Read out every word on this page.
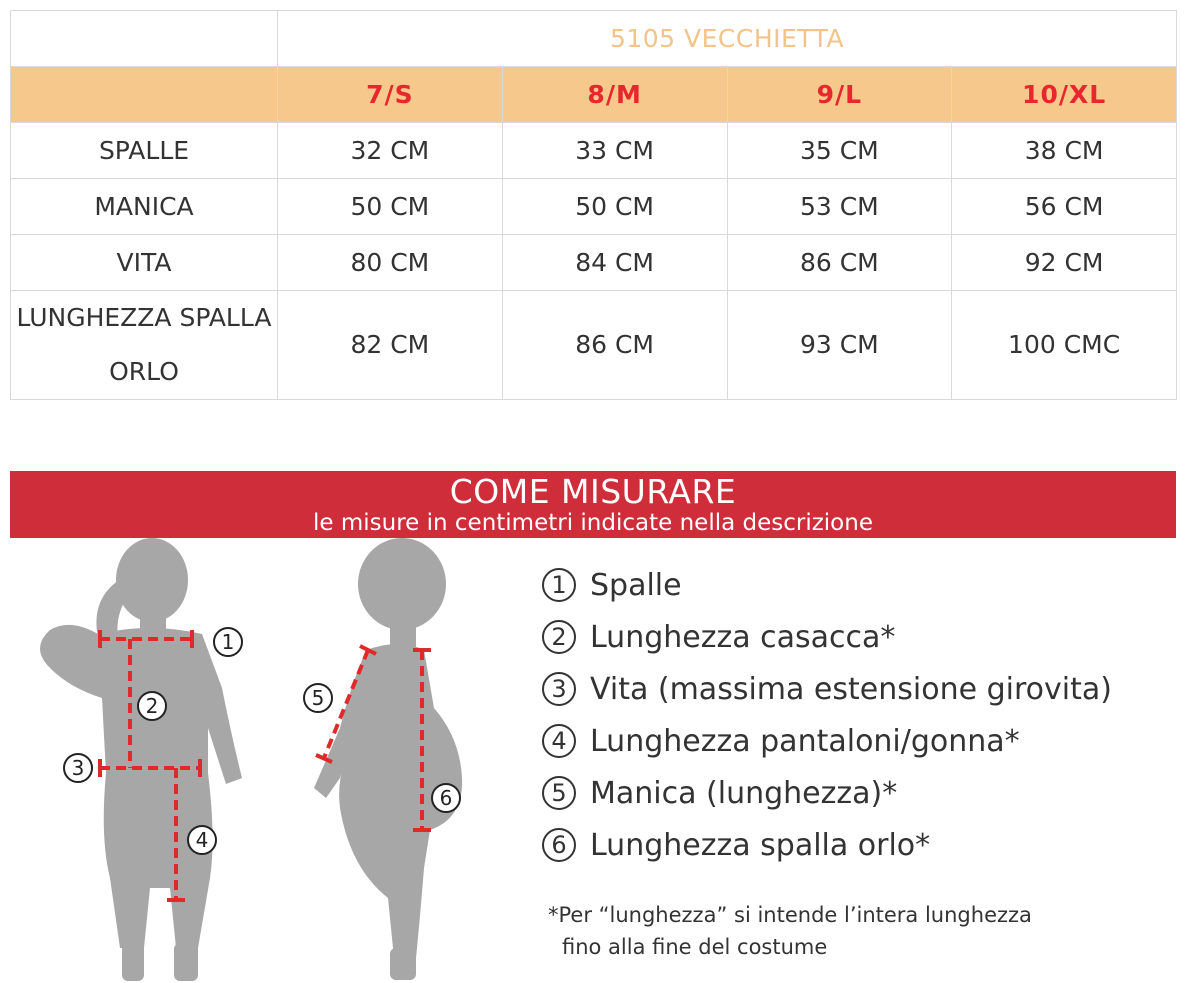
	5105 VECCHIETTA			
	7/S	8/M	9/L	10/XL
SPALLE	32 CM	33 CM	35 CM	38 CM
MANICA	50 CM	50 CM	53 CM	56 CM
VITA	80 CM	84 CM	86 CM	92 CM

LUNGHEZZA SPALLA
ORLO	82 CM	86 CM	93 CM	100 CMC
COME MISURARE
le misure in centimetri indicate nella descrizione
1
2
3
4
5
6
1 Spalle
2 Lunghezza casacca*
3 Vita (massima estensione girovita)
4 Lunghezza pantaloni/gonna*
5 Manica (lunghezza)*
6 Lunghezza spalla orlo*
*Per “lunghezza” si intende l’intera lunghezza
fino alla fine del costume
